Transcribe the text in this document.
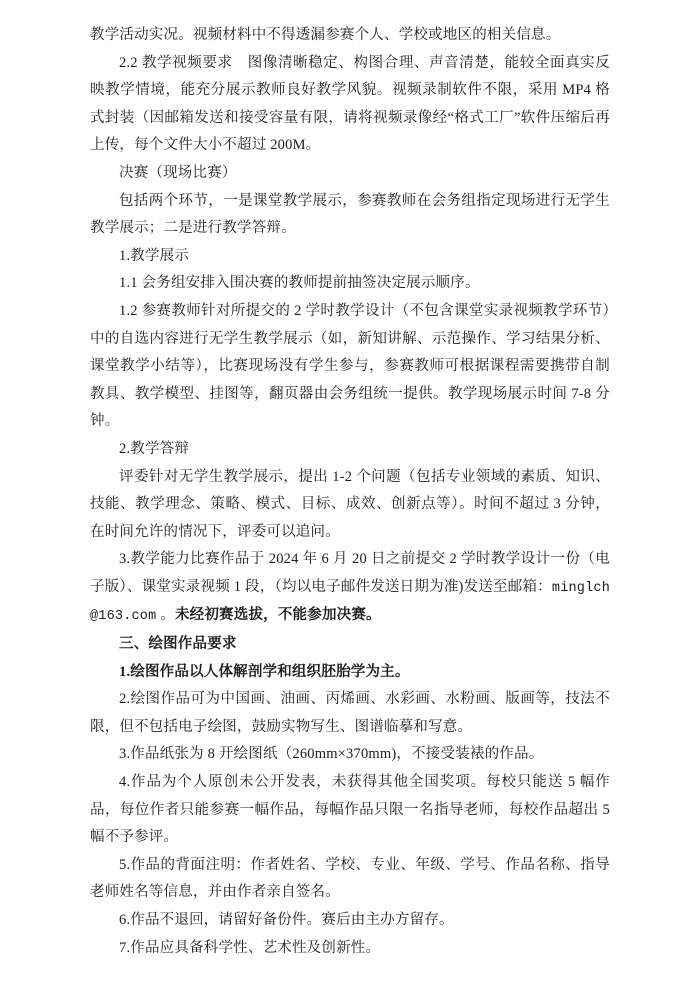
教学活动实况。视频材料中不得透漏参赛个人、学校或地区的相关信息。

2.2 教学视频要求　图像清晰稳定、构图合理、声音清楚，能较全面真实反映教学情境，能充分展示教师良好教学风貌。视频录制软件不限，采用 MP4 格式封装（因邮箱发送和接受容量有限，请将视频录像经“格式工厂”软件压缩后再上传，每个文件大小不超过 200M。

决赛（现场比赛）

包括两个环节，一是课堂教学展示，参赛教师在会务组指定现场进行无学生教学展示；二是进行教学答辩。

1.教学展示

1.1 会务组安排入围决赛的教师提前抽签决定展示顺序。

1.2 参赛教师针对所提交的 2 学时教学设计（不包含课堂实录视频教学环节）中的自选内容进行无学生教学展示（如，新知讲解、示范操作、学习结果分析、课堂教学小结等），比赛现场没有学生参与，参赛教师可根据课程需要携带自制教具、教学模型、挂图等，翻页器由会务组统一提供。教学现场展示时间 7-8 分钟。

2.教学答辩

评委针对无学生教学展示，提出 1-2 个问题（包括专业领域的素质、知识、技能、教学理念、策略、模式、目标、成效、创新点等）。时间不超过 3 分钟，在时间允许的情况下，评委可以追问。

3.教学能力比赛作品于 2024 年 6 月 20 日之前提交 2 学时教学设计一份（电子版）、课堂实录视频 1 段，（均以电子邮件发送日期为准)发送至邮箱：minglch@163.com 。未经初赛选拔，不能参加决赛。

三、绘图作品要求

1.绘图作品以人体解剖学和组织胚胎学为主。

2.绘图作品可为中国画、油画、丙烯画、水彩画、水粉画、版画等，技法不限，但不包括电子绘图，鼓励实物写生、图谱临摹和写意。

3.作品纸张为 8 开绘图纸（260mm×370mm)，不接受装裱的作品。

4.作品为个人原创未公开发表，未获得其他全国奖项。每校只能送 5 幅作品，每位作者只能参赛一幅作品，每幅作品只限一名指导老师，每校作品超出 5 幅不予参评。

5.作品的背面注明：作者姓名、学校、专业、年级、学号、作品名称、指导老师姓名等信息，并由作者亲自签名。

6.作品不退回，请留好备份件。赛后由主办方留存。

7.作品应具备科学性、艺术性及创新性。
